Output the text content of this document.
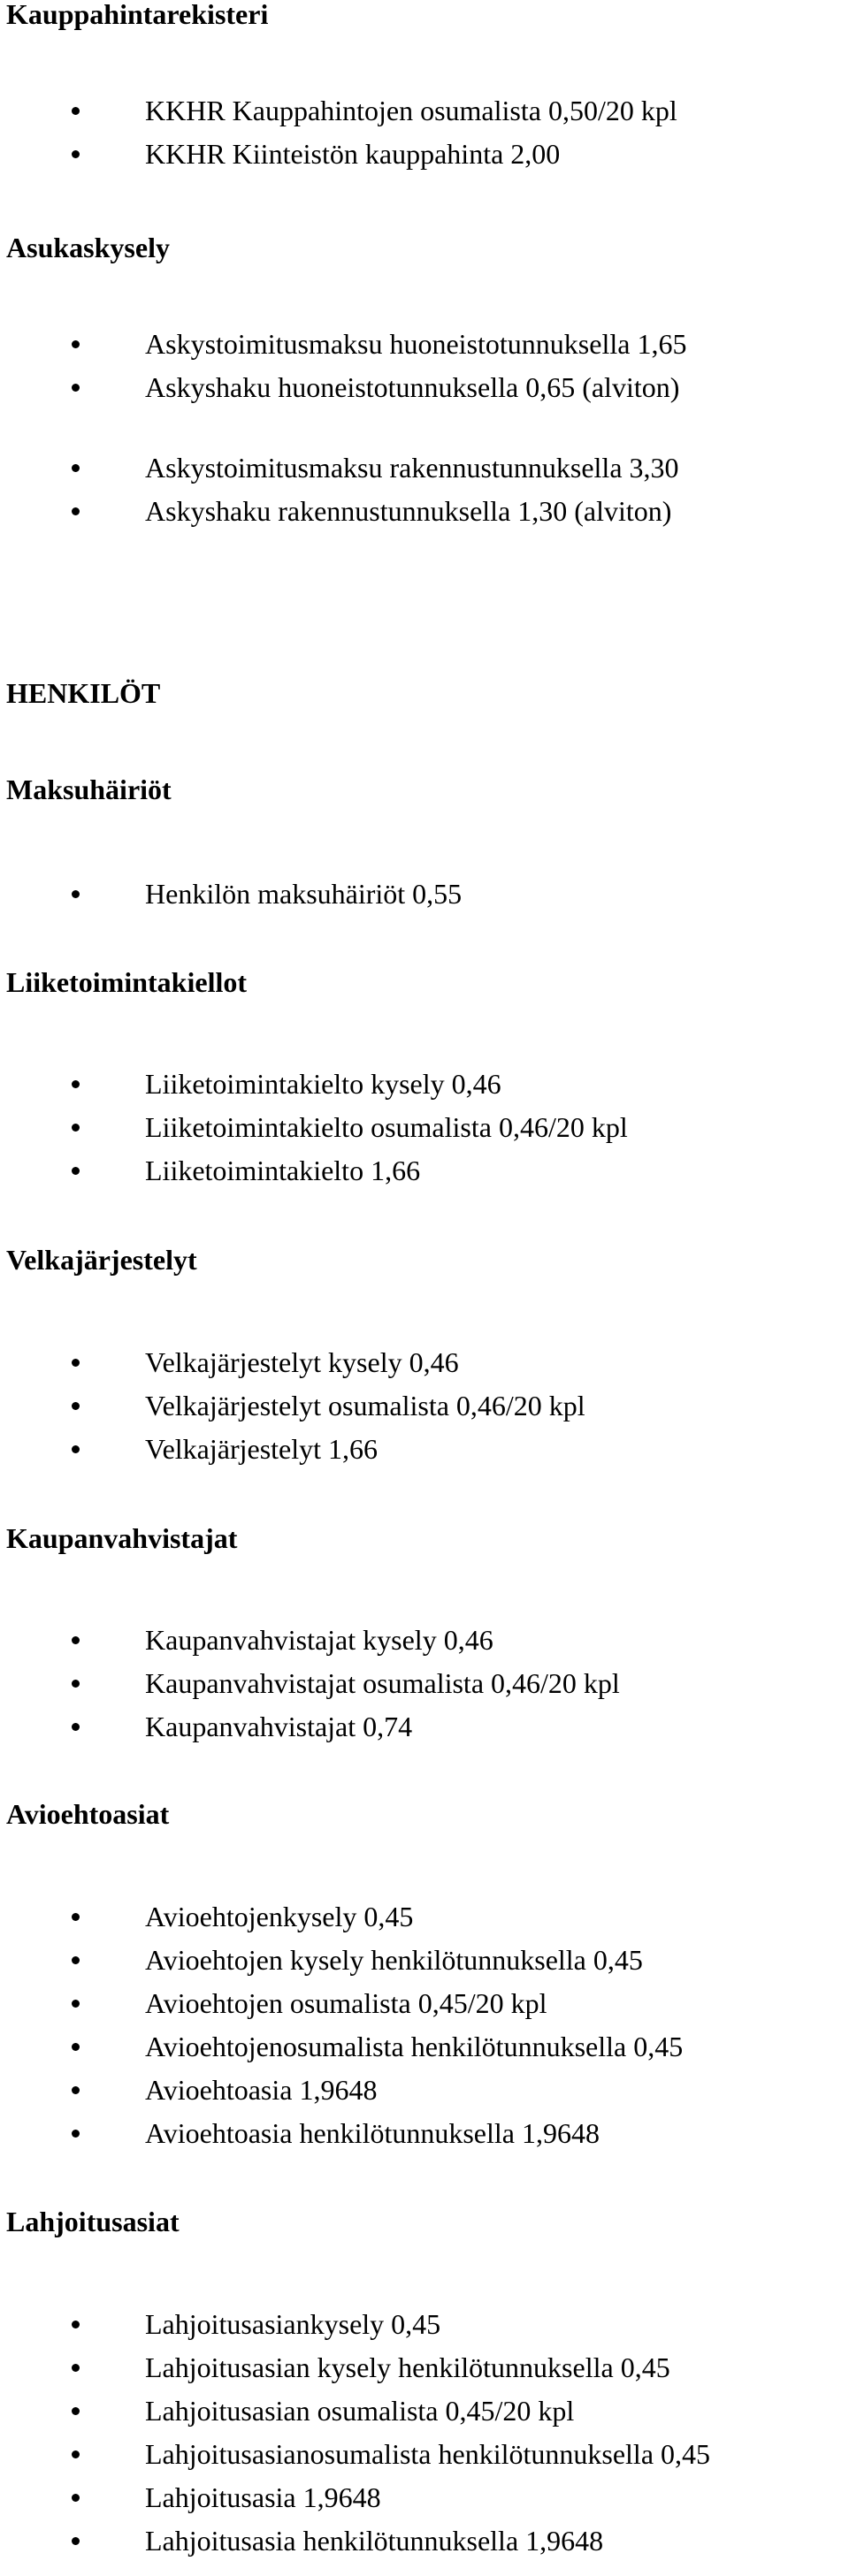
Kauppahintarekisteri
KKHR Kauppahintojen osumalista 0,50/20 kpl
KKHR Kiinteistön kauppahinta 2,00
Asukaskysely
Askystoimitusmaksu huoneistotunnuksella 1,65
Askyshaku huoneistotunnuksella 0,65 (alviton)
Askystoimitusmaksu rakennustunnuksella 3,30
Askyshaku rakennustunnuksella 1,30 (alviton)
HENKILÖT
Maksuhäiriöt
Henkilön maksuhäiriöt 0,55
Liiketoimintakiellot
Liiketoimintakielto kysely 0,46
Liiketoimintakielto osumalista 0,46/20 kpl
Liiketoimintakielto 1,66
Velkajärjestelyt
Velkajärjestelyt kysely 0,46
Velkajärjestelyt osumalista 0,46/20 kpl
Velkajärjestelyt 1,66
Kaupanvahvistajat
Kaupanvahvistajat kysely 0,46
Kaupanvahvistajat osumalista 0,46/20 kpl
Kaupanvahvistajat 0,74
Avioehtoasiat
Avioehtojenkysely 0,45
Avioehtojen kysely henkilötunnuksella 0,45
Avioehtojen osumalista 0,45/20 kpl
Avioehtojenosumalista henkilötunnuksella 0,45
Avioehtoasia 1,9648
Avioehtoasia henkilötunnuksella 1,9648
Lahjoitusasiat
Lahjoitusasiankysely 0,45
Lahjoitusasian kysely henkilötunnuksella 0,45
Lahjoitusasian osumalista 0,45/20 kpl
Lahjoitusasianosumalista henkilötunnuksella 0,45
Lahjoitusasia 1,9648
Lahjoitusasia henkilötunnuksella 1,9648
